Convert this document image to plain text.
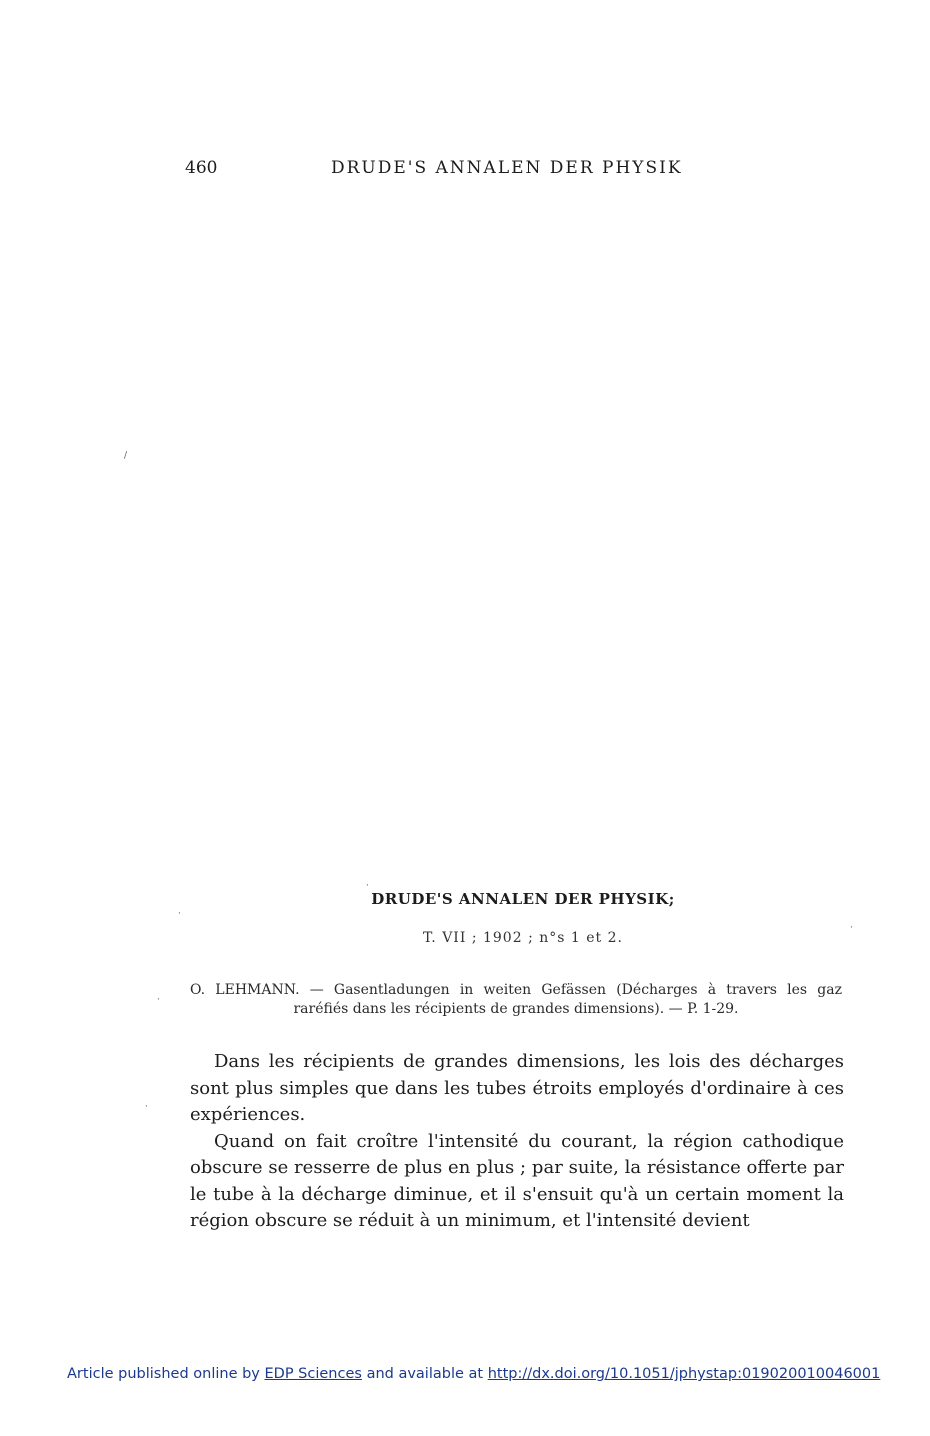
460	DRUDE'S ANNALEN DER PHYSIK
/
·
·
·
·
·
DRUDE'S ANNALEN DER PHYSIK;
T. VII ; 1902 ; n°s 1 et 2.
O. LEHMANN. — Gasentladungen in weiten Gefässen (Décharges à travers les gaz
raréfiés dans les récipients de grandes dimensions). — P. 1-29.

Dans les récipients de grandes dimensions, les lois des décharges sont plus simples que dans les tubes étroits employés d'ordinaire à ces expériences.

Quand on fait croître l'intensité du courant, la région cathodique obscure se resserre de plus en plus ; par suite, la résistance offerte par le tube à la décharge diminue, et il s'ensuit qu'à un certain moment la région obscure se réduit à un minimum, et l'intensité devient

Article published online by EDP Sciences and available at http://dx.doi.org/10.1051/jphystap:019020010046001
